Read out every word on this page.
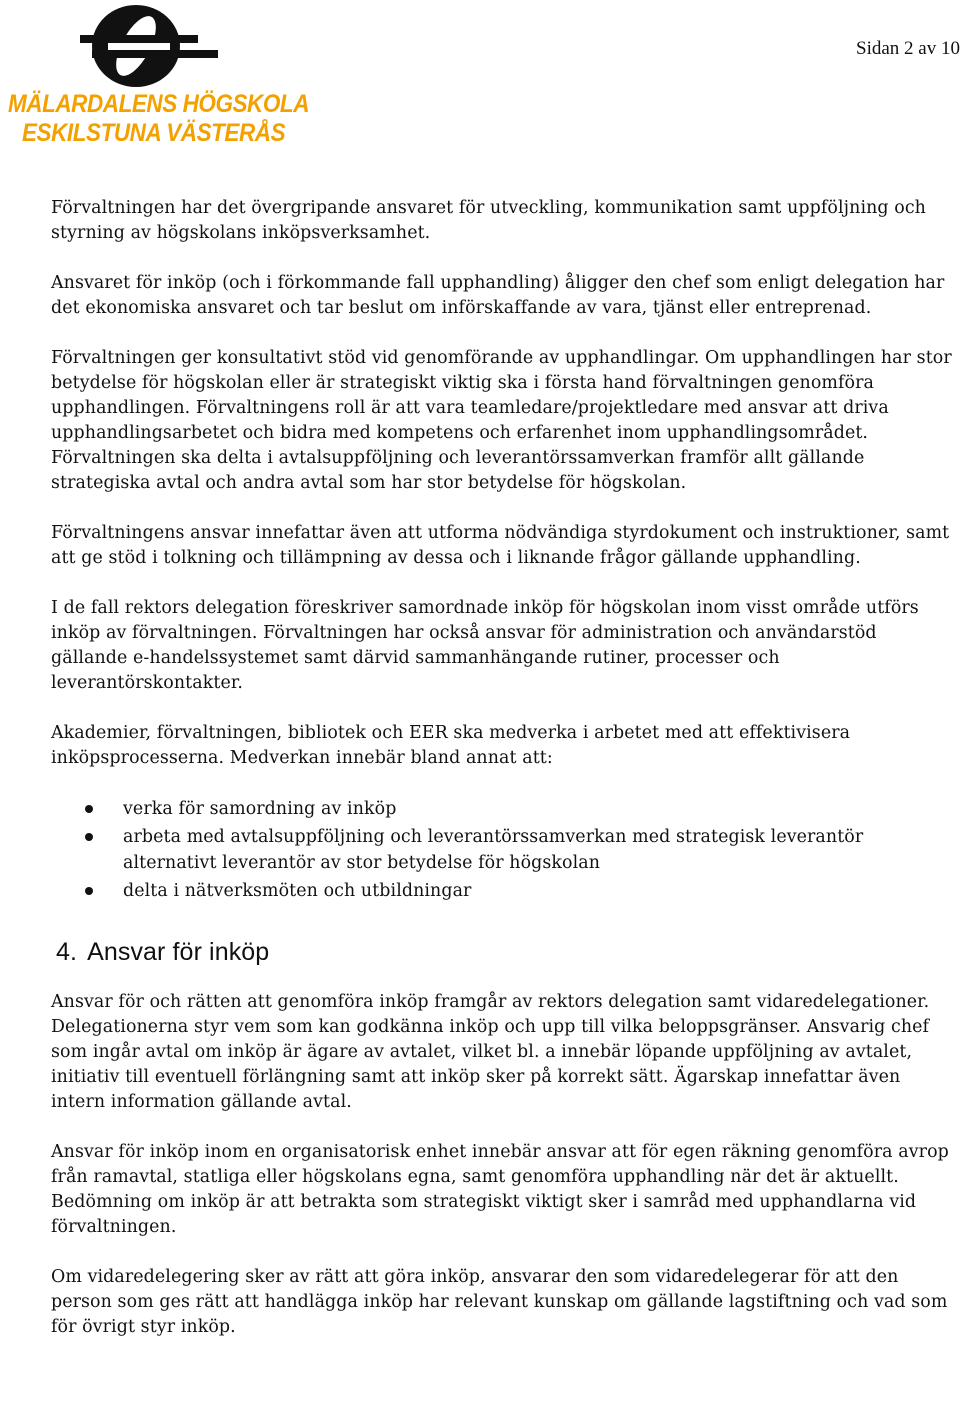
MÄLARDALENS HÖGSKOLA
ESKILSTUNA VÄSTERÅS
Sidan 2 av 10

Förvaltningen har det övergripande ansvaret för utveckling, kommunikation samt uppföljning och styrning av högskolans inköpsverksamhet.

Ansvaret för inköp (och i förkommande fall upphandling) åligger den chef som enligt delegation har det ekonomiska ansvaret och tar beslut om införskaffande av vara, tjänst eller entreprenad.

Förvaltningen ger konsultativt stöd vid genomförande av upphandlingar. Om upphandlingen har stor betydelse för högskolan eller är strategiskt viktig ska i första hand förvaltningen genomföra upphandlingen. Förvaltningens roll är att vara teamledare/projektledare med ansvar att driva upphandlingsarbetet och bidra med kompetens och erfarenhet inom upphandlingsområdet. Förvaltningen ska delta i avtalsuppföljning och leverantörssamverkan framför allt gällande strategiska avtal och andra avtal som har stor betydelse för högskolan.

Förvaltningens ansvar innefattar även att utforma nödvändiga styrdokument och instruktioner, samt att ge stöd i tolkning och tillämpning av dessa och i liknande frågor gällande upphandling.

I de fall rektors delegation föreskriver samordnade inköp för högskolan inom visst område utförs inköp av förvaltningen. Förvaltningen har också ansvar för administration och användarstöd gällande e-handelssystemet samt därvid sammanhängande rutiner, processer och leverantörskontakter.

Akademier, förvaltningen, bibliotek och EER ska medverka i arbetet med att effektivisera inköpsprocesserna. Medverkan innebär bland annat att:

verka för samordning av inköp
arbeta med avtalsuppföljning och leverantörssamverkan med strategisk leverantör alternativt leverantör av stor betydelse för högskolan
delta i nätverksmöten och utbildningar
4. Ansvar för inköp

Ansvar för och rätten att genomföra inköp framgår av rektors delegation samt vidaredelegationer. Delegationerna styr vem som kan godkänna inköp och upp till vilka beloppsgränser. Ansvarig chef som ingår avtal om inköp är ägare av avtalet, vilket bl. a innebär löpande uppföljning av avtalet, initiativ till eventuell förlängning samt att inköp sker på korrekt sätt. Ägarskap innefattar även intern information gällande avtal.

Ansvar för inköp inom en organisatorisk enhet innebär ansvar att för egen räkning genomföra avrop från ramavtal, statliga eller högskolans egna, samt genomföra upphandling när det är aktuellt. Bedömning om inköp är att betrakta som strategiskt viktigt sker i samråd med upphandlarna vid förvaltningen.

Om vidaredelegering sker av rätt att göra inköp, ansvarar den som vidaredelegerar för att den person som ges rätt att handlägga inköp har relevant kunskap om gällande lagstiftning och vad som för övrigt styr inköp.
